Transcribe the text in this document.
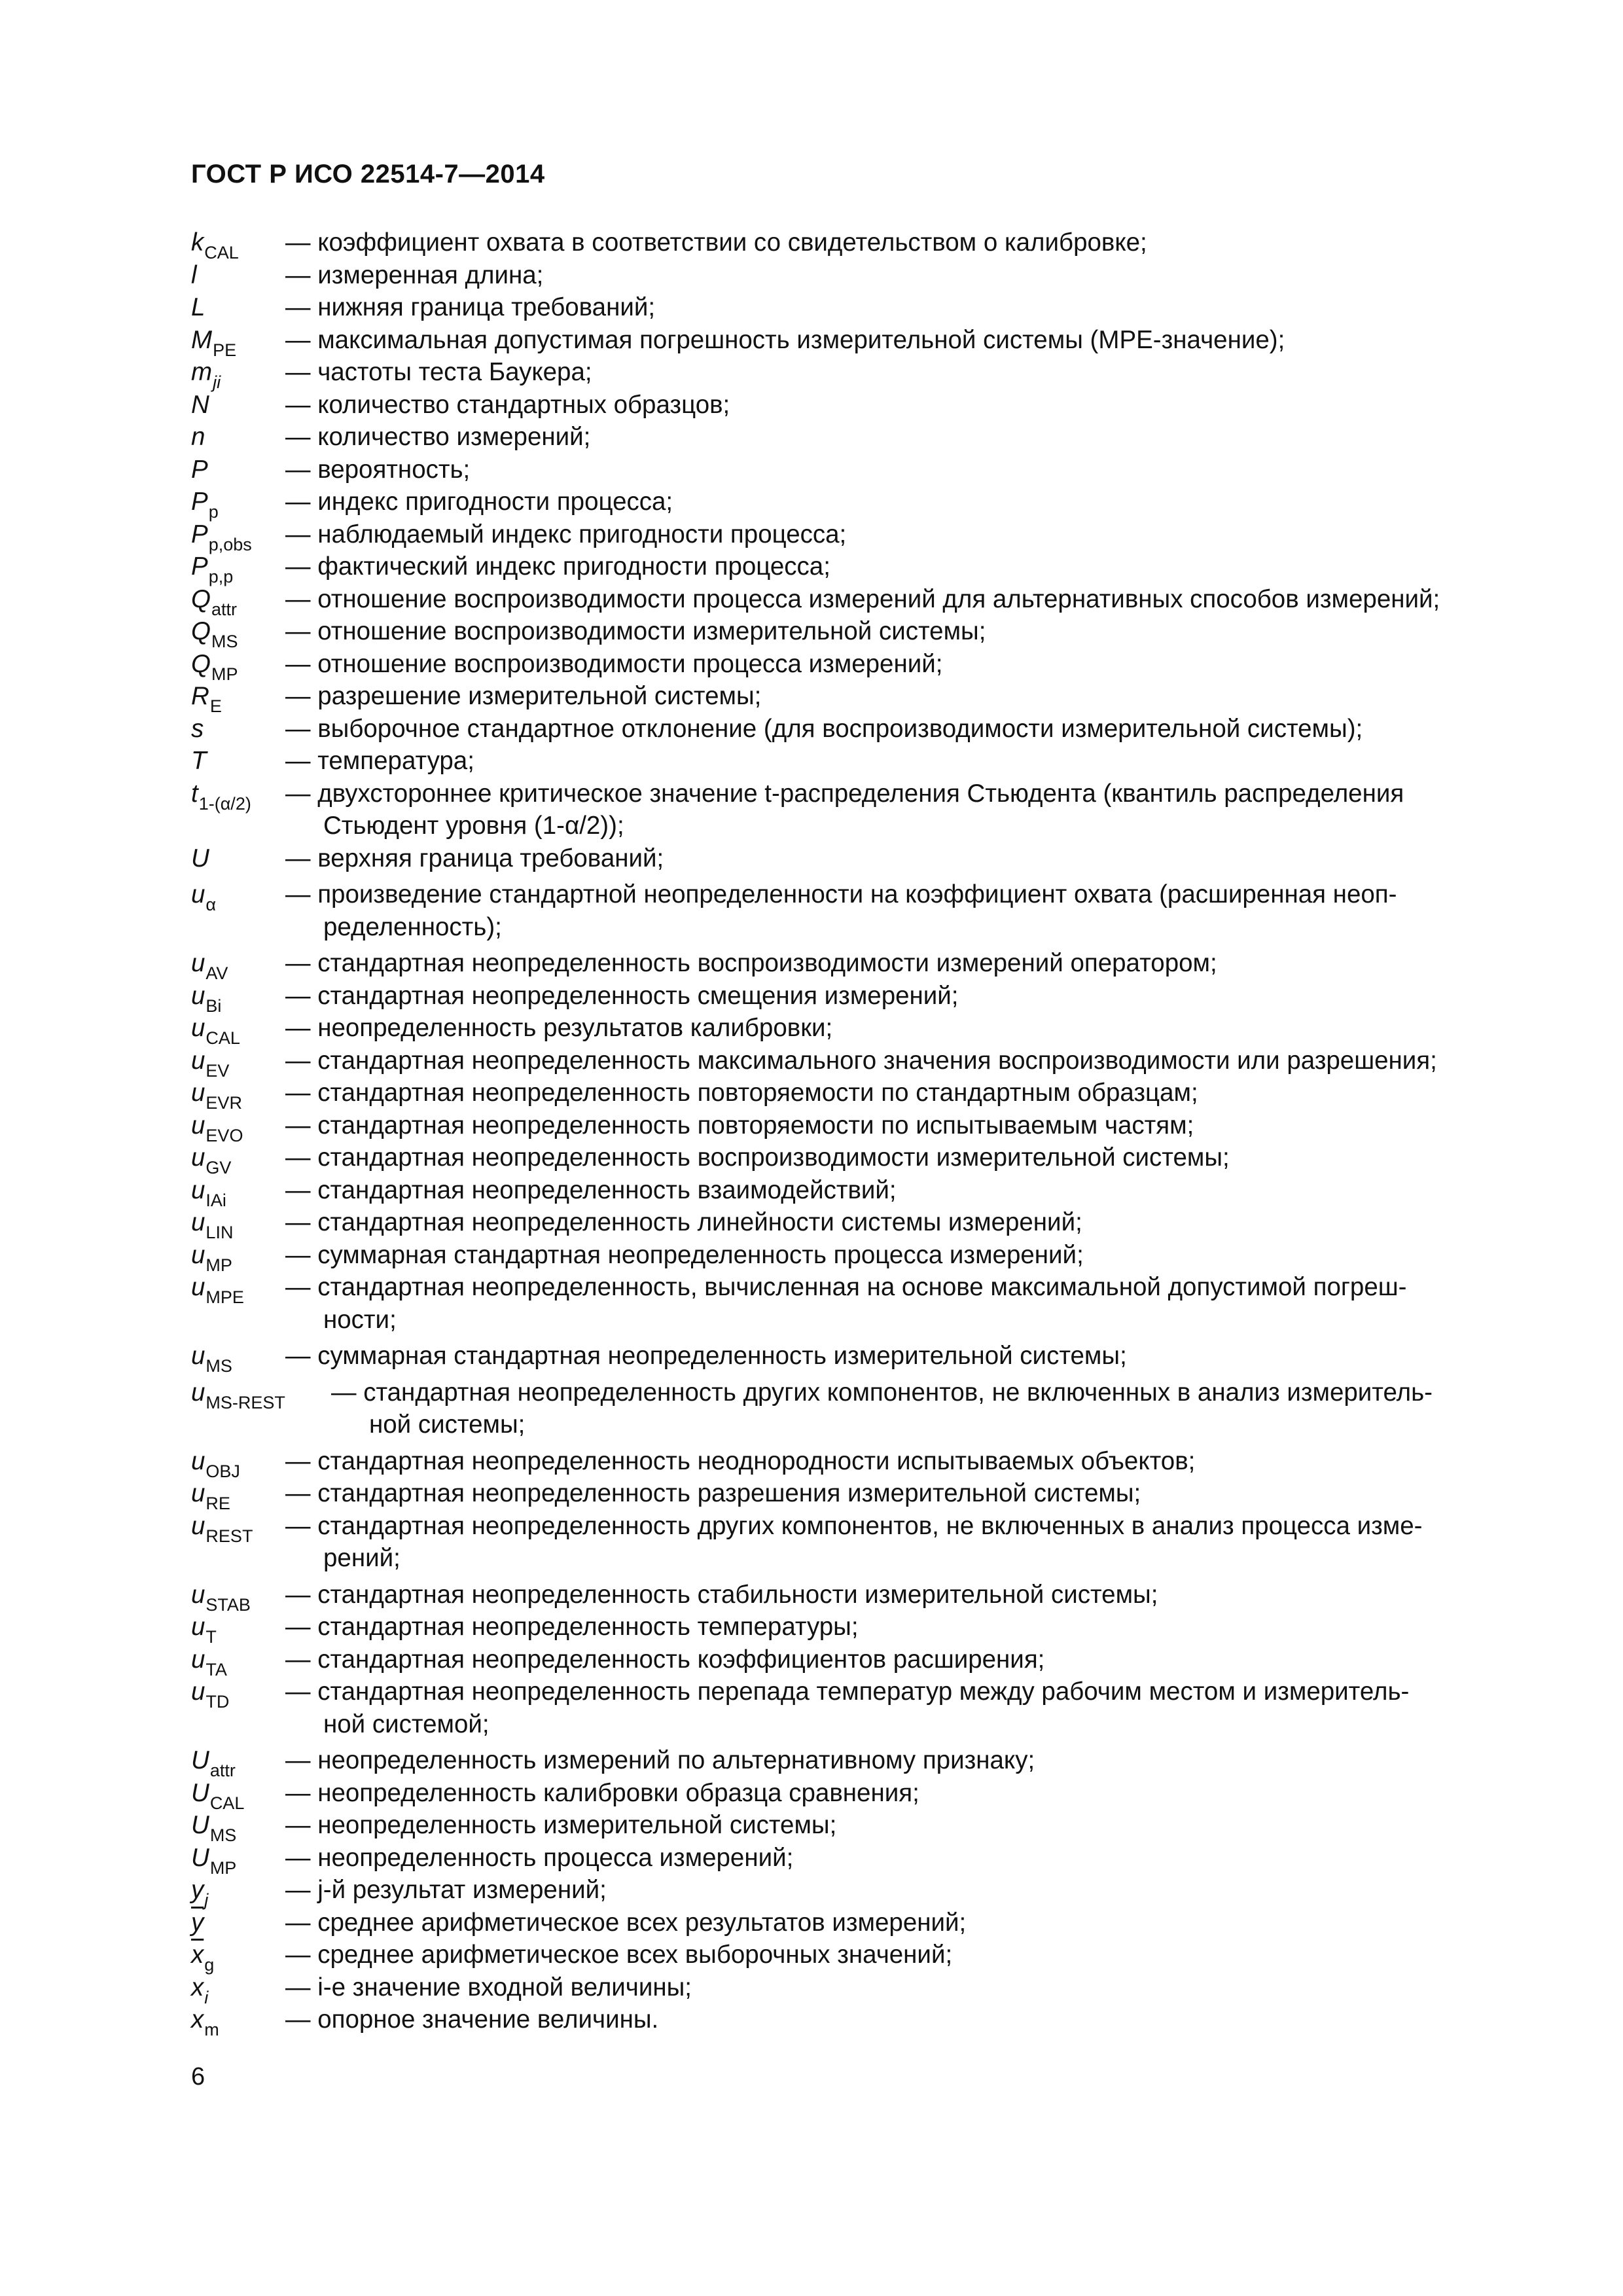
ГОСТ Р ИСО 22514-7—2014
$k_{CAL}$ — коэффициент охвата в соответствии со свидетельством о калибровке;
l	— измеренная длина;
L	— нижняя граница требований;
$M_{PE}$ — максимальная допустимая погрешность измерительной системы (MPE-значение);
$m_{ji}$	— частоты теста Баукера;
N	— количество стандартных образцов;
n	— количество измерений;
P	— вероятность;
$P_p$	— индекс пригодности процесса;
$P_{p,obs}$ — наблюдаемый индекс пригодности процесса;
$P_{p,p}$ — фактический индекс пригодности процесса;
$Q_{attr}$ — отношение воспроизводимости процесса измерений для альтернативных способов измерений;
$Q_{MS}$ — отношение воспроизводимости измерительной системы;
$Q_{MP}$ — отношение воспроизводимости процесса измерений;
$R_E$	— разрешение измерительной системы;
s	— выборочное стандартное отклонение (для воспроизводимости измерительной системы);
T	— температура;
$t_{1-(\alpha/2)}$ — двухстороннее критическое значение t-распределения Стьюдента (квантиль распределения
Стьюдент уровня (1-α/2));
U	— верхняя граница требований;
$u_\alpha$	— произведение стандартной неопределенности на коэффициент охвата (расширенная неоп-
ределенность);
$u_{AV}$ — стандартная неопределенность воспроизводимости измерений оператором;
$u_{Bi}$	— стандартная неопределенность смещения измерений;
$u_{CAL}$ — неопределенность результатов калибровки;
$u_{EV}$ — стандартная неопределенность максимального значения воспроизводимости или разрешения;
$u_{EVR}$ — стандартная неопределенность повторяемости по стандартным образцам;
$u_{EVO}$ — стандартная неопределенность повторяемости по испытываемым частям;
$u_{GV}$ — стандартная неопределенность воспроизводимости измерительной системы;
$u_{IAi}$ — стандартная неопределенность взаимодействий;
$u_{LIN}$ — стандартная неопределенность линейности системы измерений;
$u_{MP}$ — суммарная стандартная неопределенность процесса измерений;
$u_{MPE}$ — стандартная неопределенность, вычисленная на основе максимальной допустимой погреш-
ности;
$u_{MS}$ — суммарная стандартная неопределенность измерительной системы;
$u_{MS-REST}$ — стандартная неопределенность других компонентов, не включенных в анализ измеритель-
ной системы;
$u_{OBJ}$ — стандартная неопределенность неоднородности испытываемых объектов;
$u_{RE}$ — стандартная неопределенность разрешения измерительной системы;
$u_{REST}$ — стандартная неопределенность других компонентов, не включенных в анализ процесса изме-
рений;
$u_{STAB}$ — стандартная неопределенность стабильности измерительной системы;
$u_T$	— стандартная неопределенность температуры;
$u_{TA}$ — стандартная неопределенность коэффициентов расширения;
$u_{TD}$ — стандартная неопределенность перепада температур между рабочим местом и измеритель-
ной системой;
$U_{attr}$ — неопределенность измерений по альтернативному признаку;
$U_{CAL}$ — неопределенность калибровки образца сравнения;
$U_{MS}$ — неопределенность измерительной системы;
$U_{MP}$ — неопределенность процесса измерений;
$y_j$	— j-й результат измерений;
$\overline{y}$	— среднее арифметическое всех результатов измерений;
$\overline{x}_g$	— среднее арифметическое всех выборочных значений;
$x_i$	— i-е значение входной величины;
$x_m$	— опорное значение величины.
6
